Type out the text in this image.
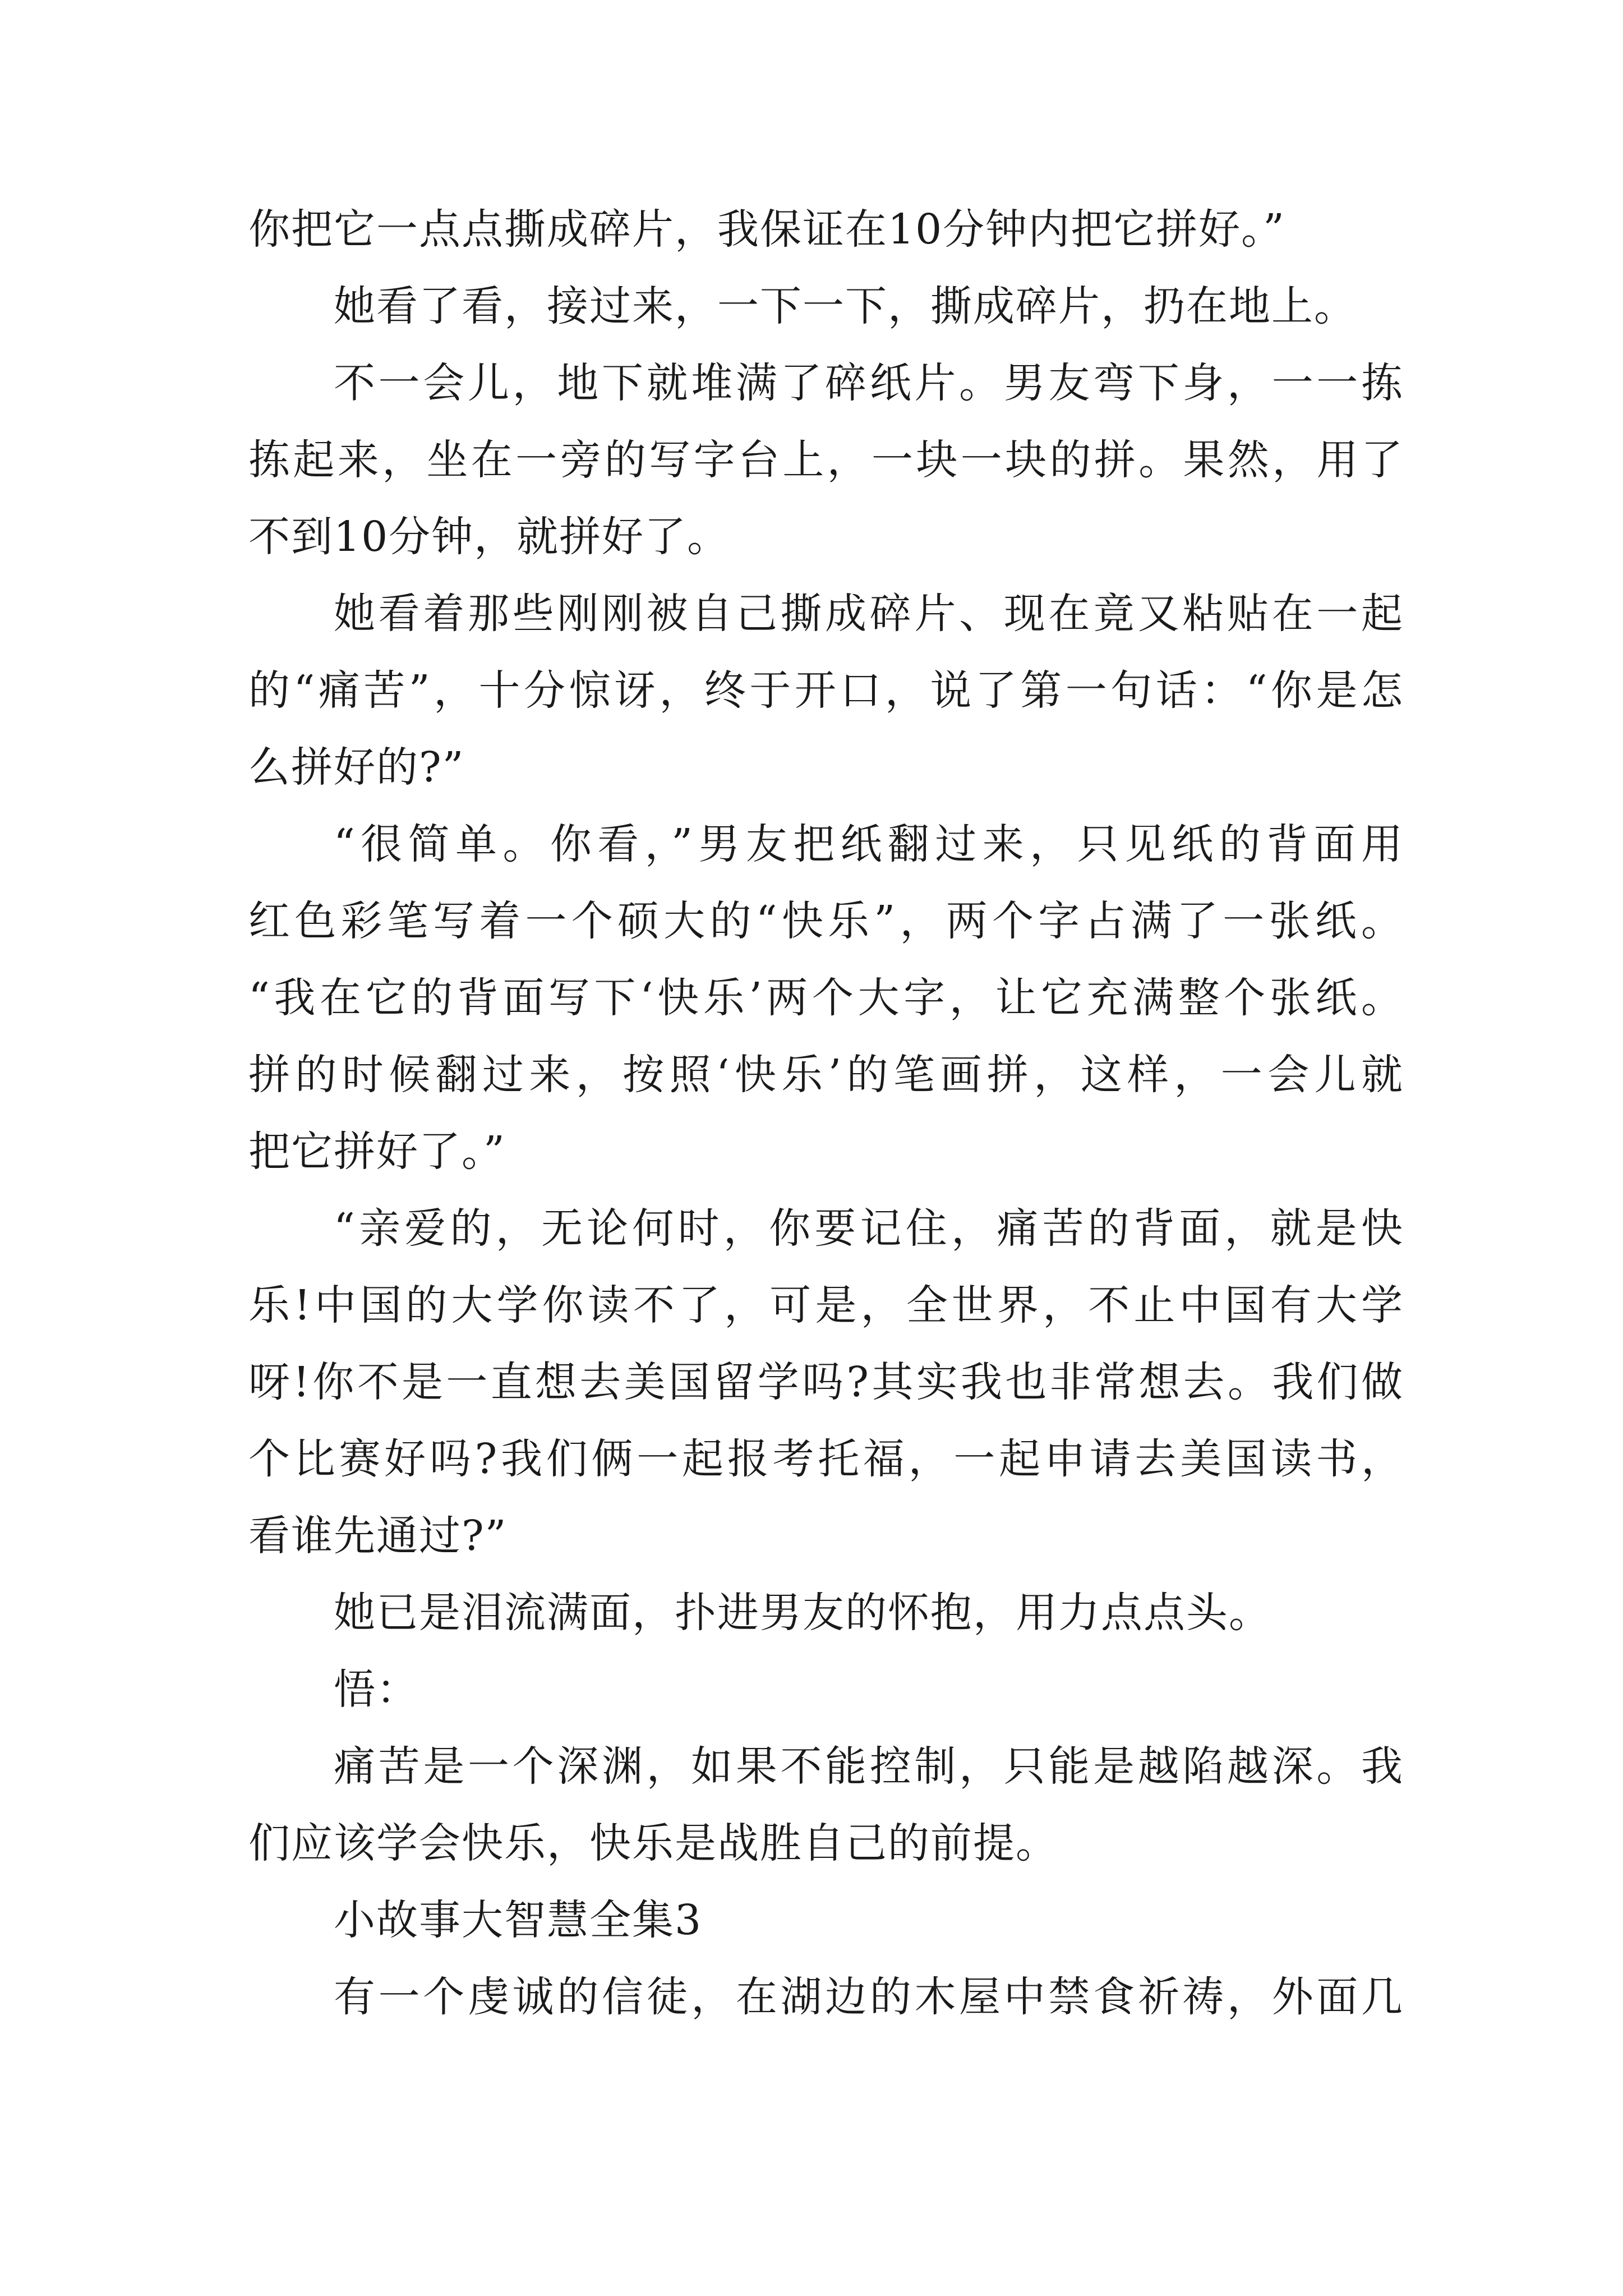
你把它一点点撕成碎片，我保证在10分钟内把它拼好。”
她看了看，接过来，一下一下，撕成碎片，扔在地上。
不一会儿，地下就堆满了碎纸片。男友弯下身，一一拣
拣起来，坐在一旁的写字台上，一块一块的拼。果然，用了
不到10分钟，就拼好了。
她看着那些刚刚被自己撕成碎片、现在竟又粘贴在一起
的“痛苦”，十分惊讶，终于开口，说了第一句话：“你是怎
么拼好的?”
“很简单。你看，”男友把纸翻过来，只见纸的背面用
红色彩笔写着一个硕大的“快乐”，两个字占满了一张纸。
“我在它的背面写下‘快乐’两个大字，让它充满整个张纸。
拼的时候翻过来，按照‘快乐’的笔画拼，这样，一会儿就
把它拼好了。”
“亲爱的，无论何时，你要记住，痛苦的背面，就是快
乐!中国的大学你读不了，可是，全世界，不止中国有大学
呀!你不是一直想去美国留学吗?其实我也非常想去。我们做
个比赛好吗?我们俩一起报考托福，一起申请去美国读书，
看谁先通过?”
她已是泪流满面，扑进男友的怀抱，用力点点头。
悟：
痛苦是一个深渊，如果不能控制，只能是越陷越深。我
们应该学会快乐，快乐是战胜自己的前提。
小故事大智慧全集3
有一个虔诚的信徒，在湖边的木屋中禁食祈祷，外面几
